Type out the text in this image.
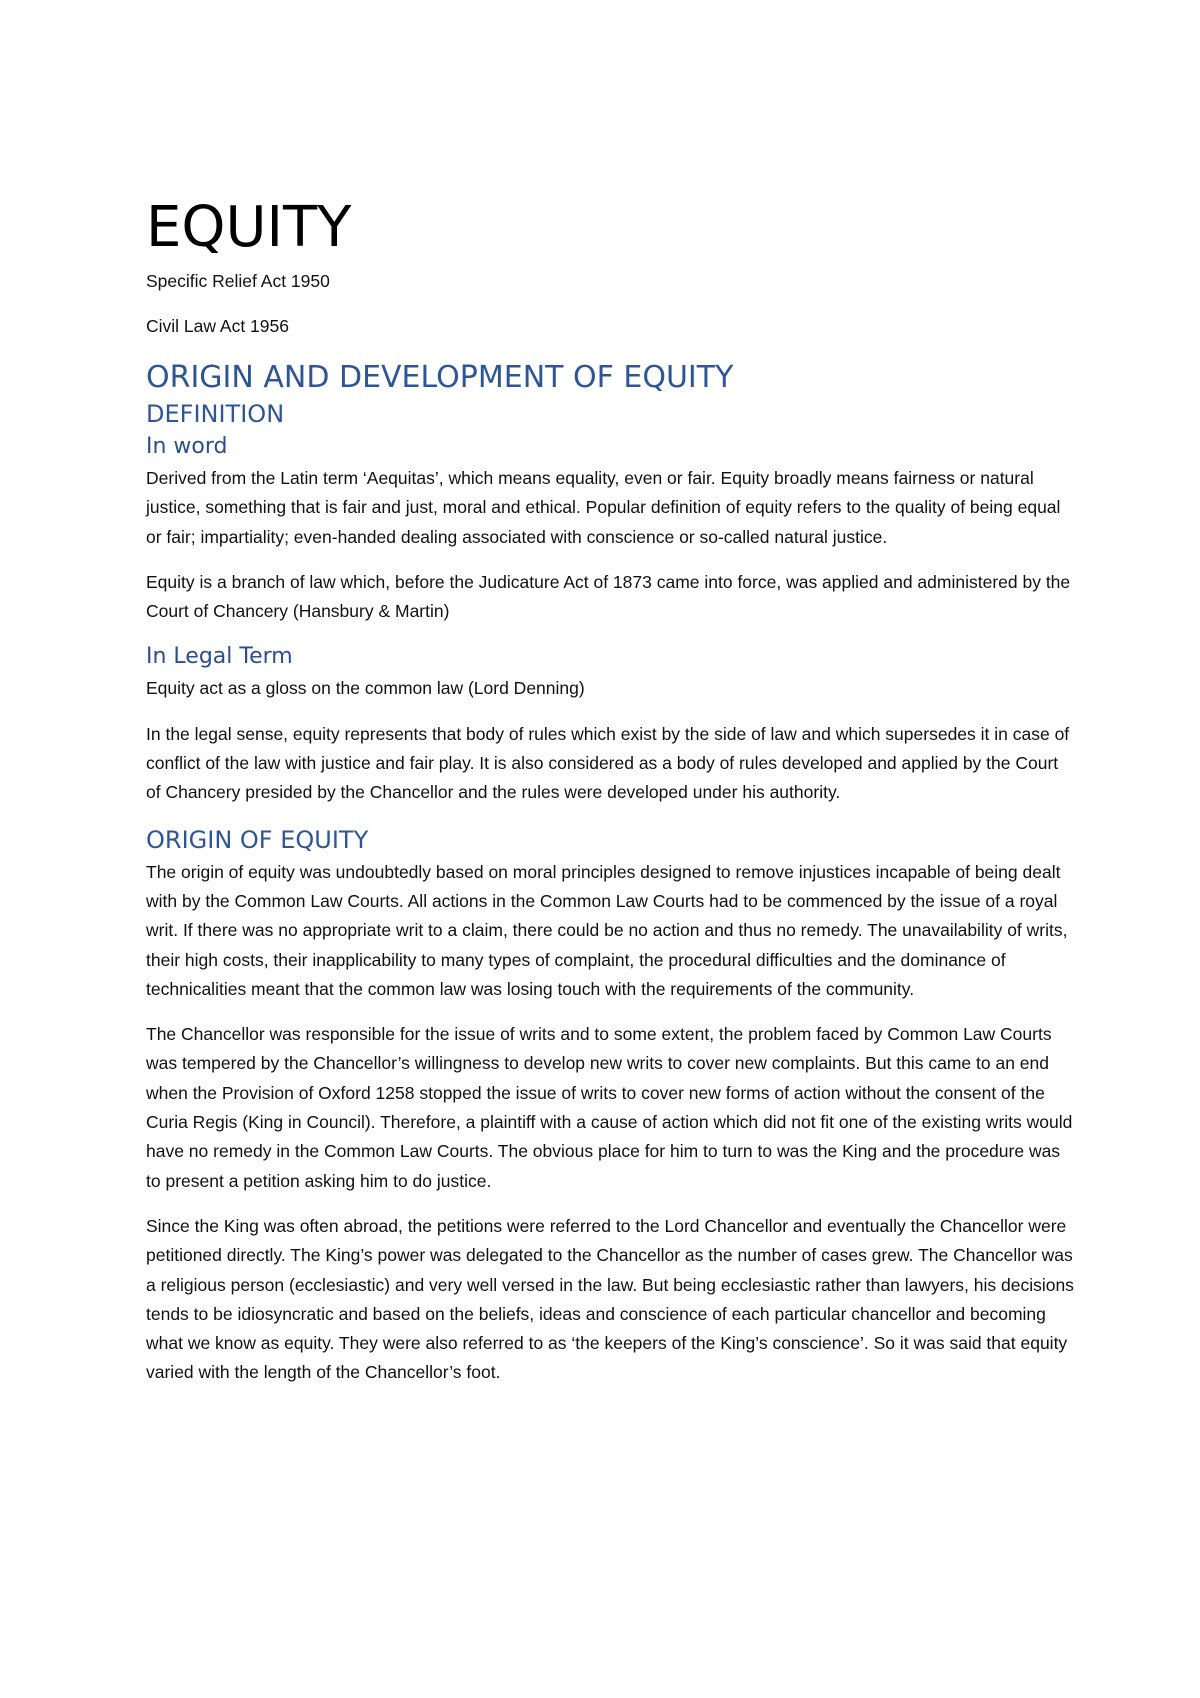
EQUITY

Specific Relief Act 1950

Civil Law Act 1956

ORIGIN AND DEVELOPMENT OF EQUITY
DEFINITION
In word

Derived from the Latin term ‘Aequitas’, which means equality, even or fair. Equity broadly means fairness or natural justice, something that is fair and just, moral and ethical. Popular definition of equity refers to the quality of being equal or fair; impartiality; even-handed dealing associated with conscience or so-called natural justice.

Equity is a branch of law which, before the Judicature Act of 1873 came into force, was applied and administered by the Court of Chancery (Hansbury & Martin)

In Legal Term

Equity act as a gloss on the common law (Lord Denning)

In the legal sense, equity represents that body of rules which exist by the side of law and which supersedes it in case of conflict of the law with justice and fair play. It is also considered as a body of rules developed and applied by the Court of Chancery presided by the Chancellor and the rules were developed under his authority.

ORIGIN OF EQUITY

The origin of equity was undoubtedly based on moral principles designed to remove injustices incapable of being dealt with by the Common Law Courts. All actions in the Common Law Courts had to be commenced by the issue of a royal writ. If there was no appropriate writ to a claim, there could be no action and thus no remedy. The unavailability of writs, their high costs, their inapplicability to many types of complaint, the procedural difficulties and the dominance of technicalities meant that the common law was losing touch with the requirements of the community.

The Chancellor was responsible for the issue of writs and to some extent, the problem faced by Common Law Courts was tempered by the Chancellor’s willingness to develop new writs to cover new complaints. But this came to an end when the Provision of Oxford 1258 stopped the issue of writs to cover new forms of action without the consent of the Curia Regis (King in Council). Therefore, a plaintiff with a cause of action which did not fit one of the existing writs would have no remedy in the Common Law Courts. The obvious place for him to turn to was the King and the procedure was to present a petition asking him to do justice.

Since the King was often abroad, the petitions were referred to the Lord Chancellor and eventually the Chancellor were petitioned directly. The King’s power was delegated to the Chancellor as the number of cases grew. The Chancellor was a religious person (ecclesiastic) and very well versed in the law. But being ecclesiastic rather than lawyers, his decisions tends to be idiosyncratic and based on the beliefs, ideas and conscience of each particular chancellor and becoming what we know as equity. They were also referred to as ‘the keepers of the King’s conscience’. So it was said that equity varied with the length of the Chancellor’s foot.
